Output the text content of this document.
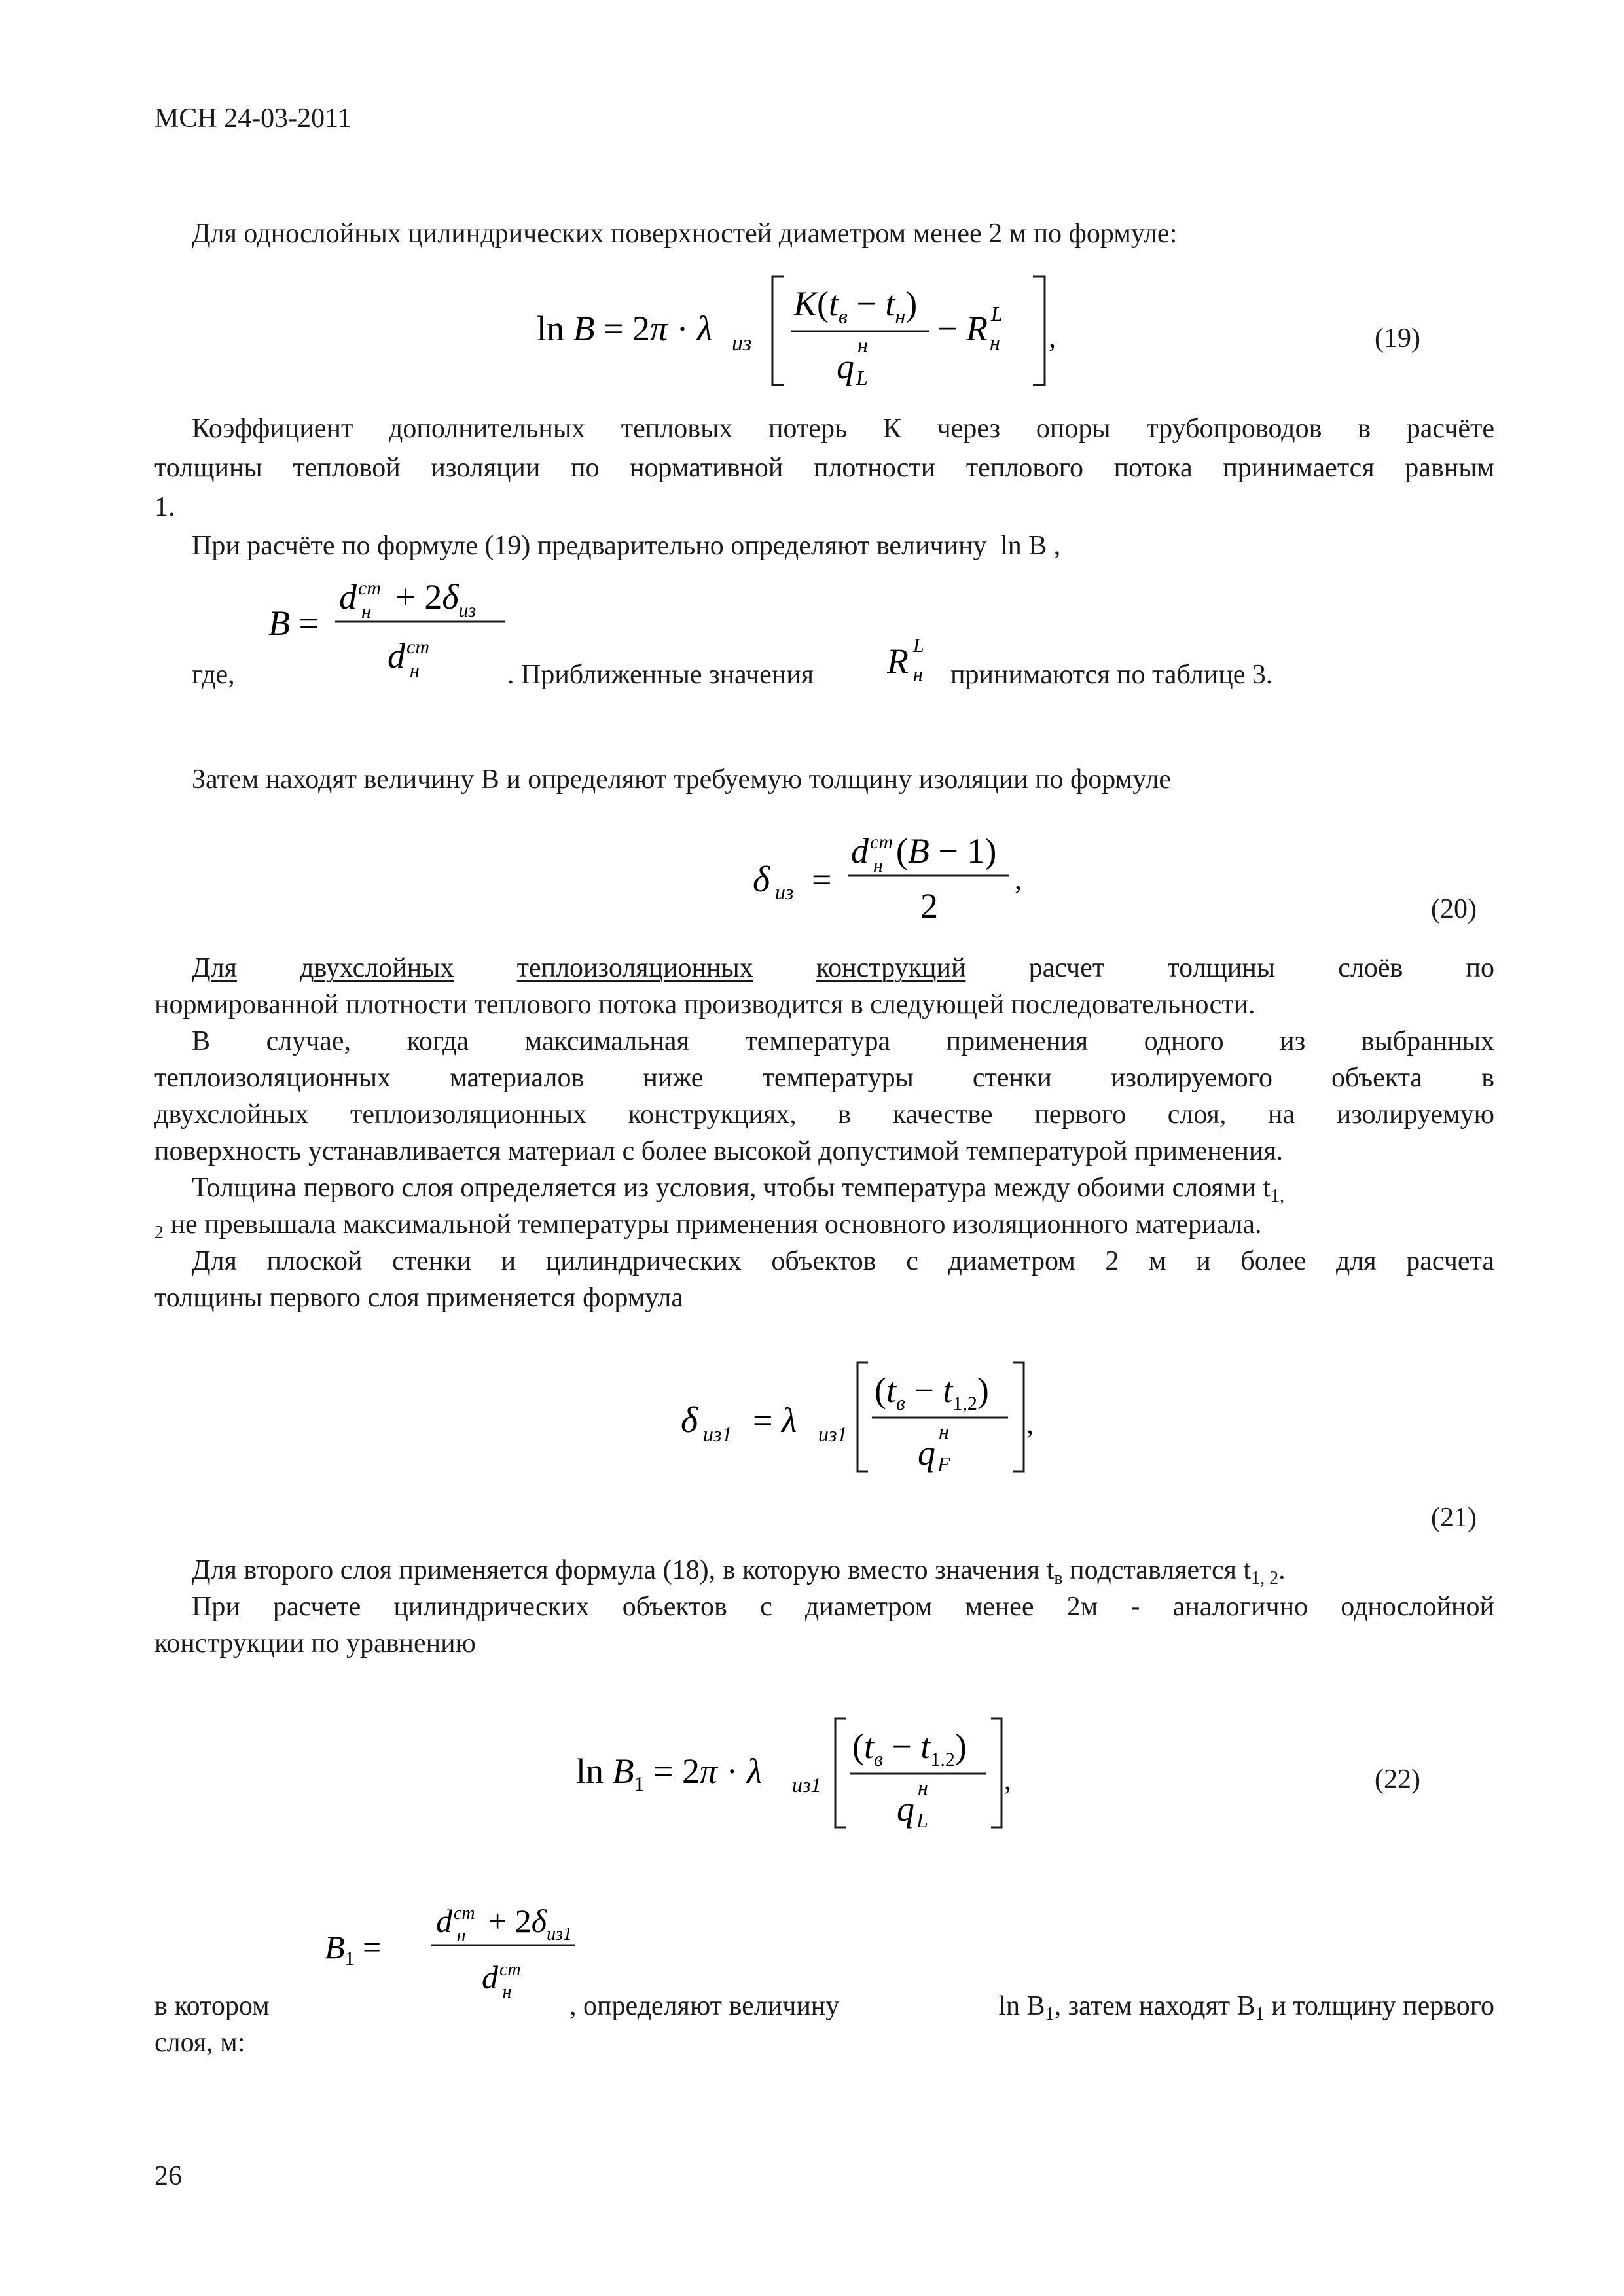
МСН 24-03-2011
Для однослойных цилиндрических поверхностей диаметром менее 2 м по формуле:
ln B = 2π · λ из
$K(t_в - t_н)$
q
н
L
− R L
н ,	(19)
Коэффициент дополнительных тепловых потерь К через опоры трубопроводов в расчёте
толщины тепловой изоляции по нормативной плотности теплового потока принимается равным
1.
При расчёте по формуле (19) предварительно определяют величину ln B ,
где,
B =
$d^{ст}$ $н + 2\delta_{из}$
$d^{ст}$ н	. Приближенные значения R L
н принимаются по таблице 3.
Затем находят величину B и определяют требуемую толщину изоляции по формуле
δ из =
$d^{ст}$ н (B − 1)
2
,
(20)
Для двухслойных теплоизоляционных конструкций расчет толщины слоёв по
нормированной плотности теплового потока производится в следующей последовательности.
В случае, когда максимальная температура применения одного из выбранных
теплоизоляционных материалов ниже температуры стенки изолируемого объекта в
двухслойных теплоизоляционных конструкциях, в качестве первого слоя, на изолируемую
поверхность устанавливается материал с более высокой допустимой температурой применения.
Толщина первого слоя определяется из условия, чтобы температура между обоими слоями t1,
2 не превышала максимальной температуры применения основного изоляционного материала.
Для плоской стенки и цилиндрических объектов с диаметром 2 м и более для расчета
толщины первого слоя применяется формула
δ из1 = λ из1
$(t_в - t_{1,2})$
q
н
F
,
(21)
Для второго слоя применяется формула (18), в которую вместо значения tв подставляется t1, 2.
При расчете цилиндрических объектов с диаметром менее 2м - аналогично однослойной
конструкции по уравнению
$\ln B_1 = 2\pi \cdot \lambda$ из1
$(t_в - t_{1.2})$
q
н
L
,	(22)
$B_1$ =
$d^{ст}$ $н + 2\delta_{из1}$
$d^{ст}$ н
в котором	, определяют величину	ln B1, затем находят B1 и толщину первого
слоя, м:
26
